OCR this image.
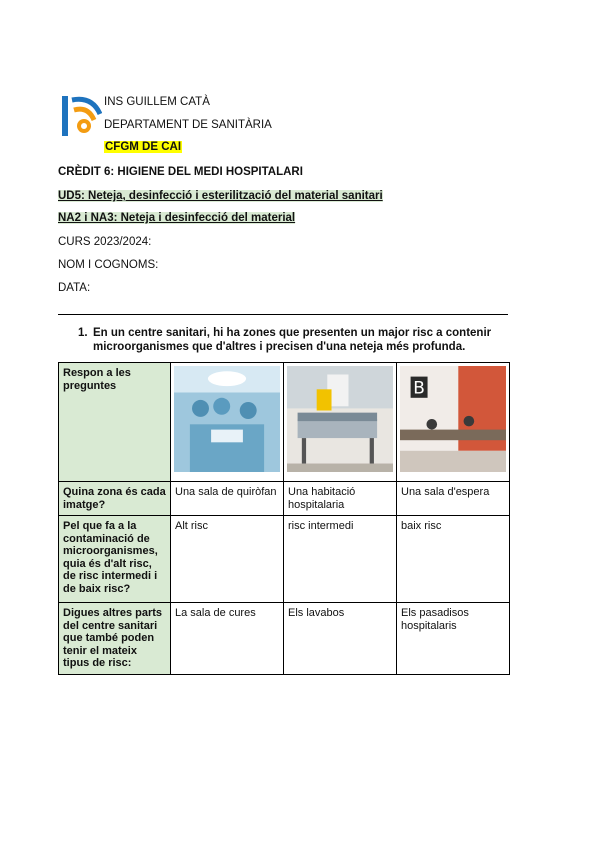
INS GUILLEM CATÀ
DEPARTAMENT DE SANITÀRIA
CFGM DE CAI
CRÈDIT 6: HIGIENE DEL MEDI HOSPITALARI
UD5: Neteja, desinfecció i esterilització del material sanitari
NA2 i NA3: Neteja i desinfecció del material
CURS 2023/2024:
NOM I COGNOMS:
DATA:
1. En un centre sanitari, hi ha zones que presenten un major risc a contenir microorganismes que d'altres i precisen d'una neteja més profunda.
Respon a les preguntes			B

Quina zona és cada imatge?	Una sala de quiròfan	Una habitació hospitalaria	Una sala d'espera
Pel que fa a la contaminació de microorganismes, quia és d'alt risc, de risc intermedi i de baix risc?	Alt risc	risc intermedi	baix risc
Digues altres parts del centre sanitari que també poden tenir el mateix tipus de risc:	La sala de cures	Els lavabos	Els pasadisos hospitalaris
